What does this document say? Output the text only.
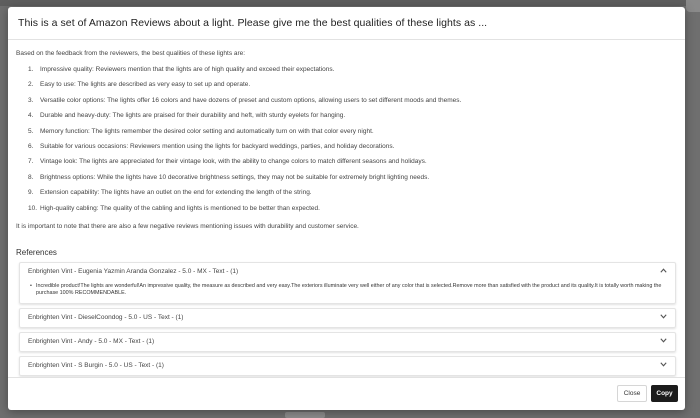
This is a set of Amazon Reviews about a light. Please give me the best qualities of these lights as ...
Based on the feedback from the reviewers, the best qualities of these lights are:
1. Impressive quality: Reviewers mention that the lights are of high quality and exceed their expectations.
2. Easy to use: The lights are described as very easy to set up and operate.
3. Versatile color options: The lights offer 16 colors and have dozens of preset and custom options, allowing users to set different moods and themes.
4. Durable and heavy-duty: The lights are praised for their durability and heft, with sturdy eyelets for hanging.
5. Memory function: The lights remember the desired color setting and automatically turn on with that color every night.
6. Suitable for various occasions: Reviewers mention using the lights for backyard weddings, parties, and holiday decorations.
7. Vintage look: The lights are appreciated for their vintage look, with the ability to change colors to match different seasons and holidays.
8. Brightness options: While the lights have 10 decorative brightness settings, they may not be suitable for extremely bright lighting needs.
9. Extension capability: The lights have an outlet on the end for extending the length of the string.
10. High-quality cabling: The quality of the cabling and lights is mentioned to be better than expected.
It is important to note that there are also a few negative reviews mentioning issues with durability and customer service.
References
Enbrighten Vint - Eugenia Yazmin Aranda Gonzalez - 5.0 - MX - Text - (1)
• Incredible product!The lights are wonderful!An impressive quality, the measure as described and very easy.The exteriors illuminate very well either of any color that is selected.Remove more than satisfied with the product and its quality.It is totally worth making the purchase 100% RECOMMENDABLE.
Enbrighten Vint - DieselCoondog - 5.0 - US - Text - (1)
Enbrighten Vint - Andy - 5.0 - MX - Text - (1)
Enbrighten Vint - S Burgin - 5.0 - US - Text - (1)
Close	Copy
